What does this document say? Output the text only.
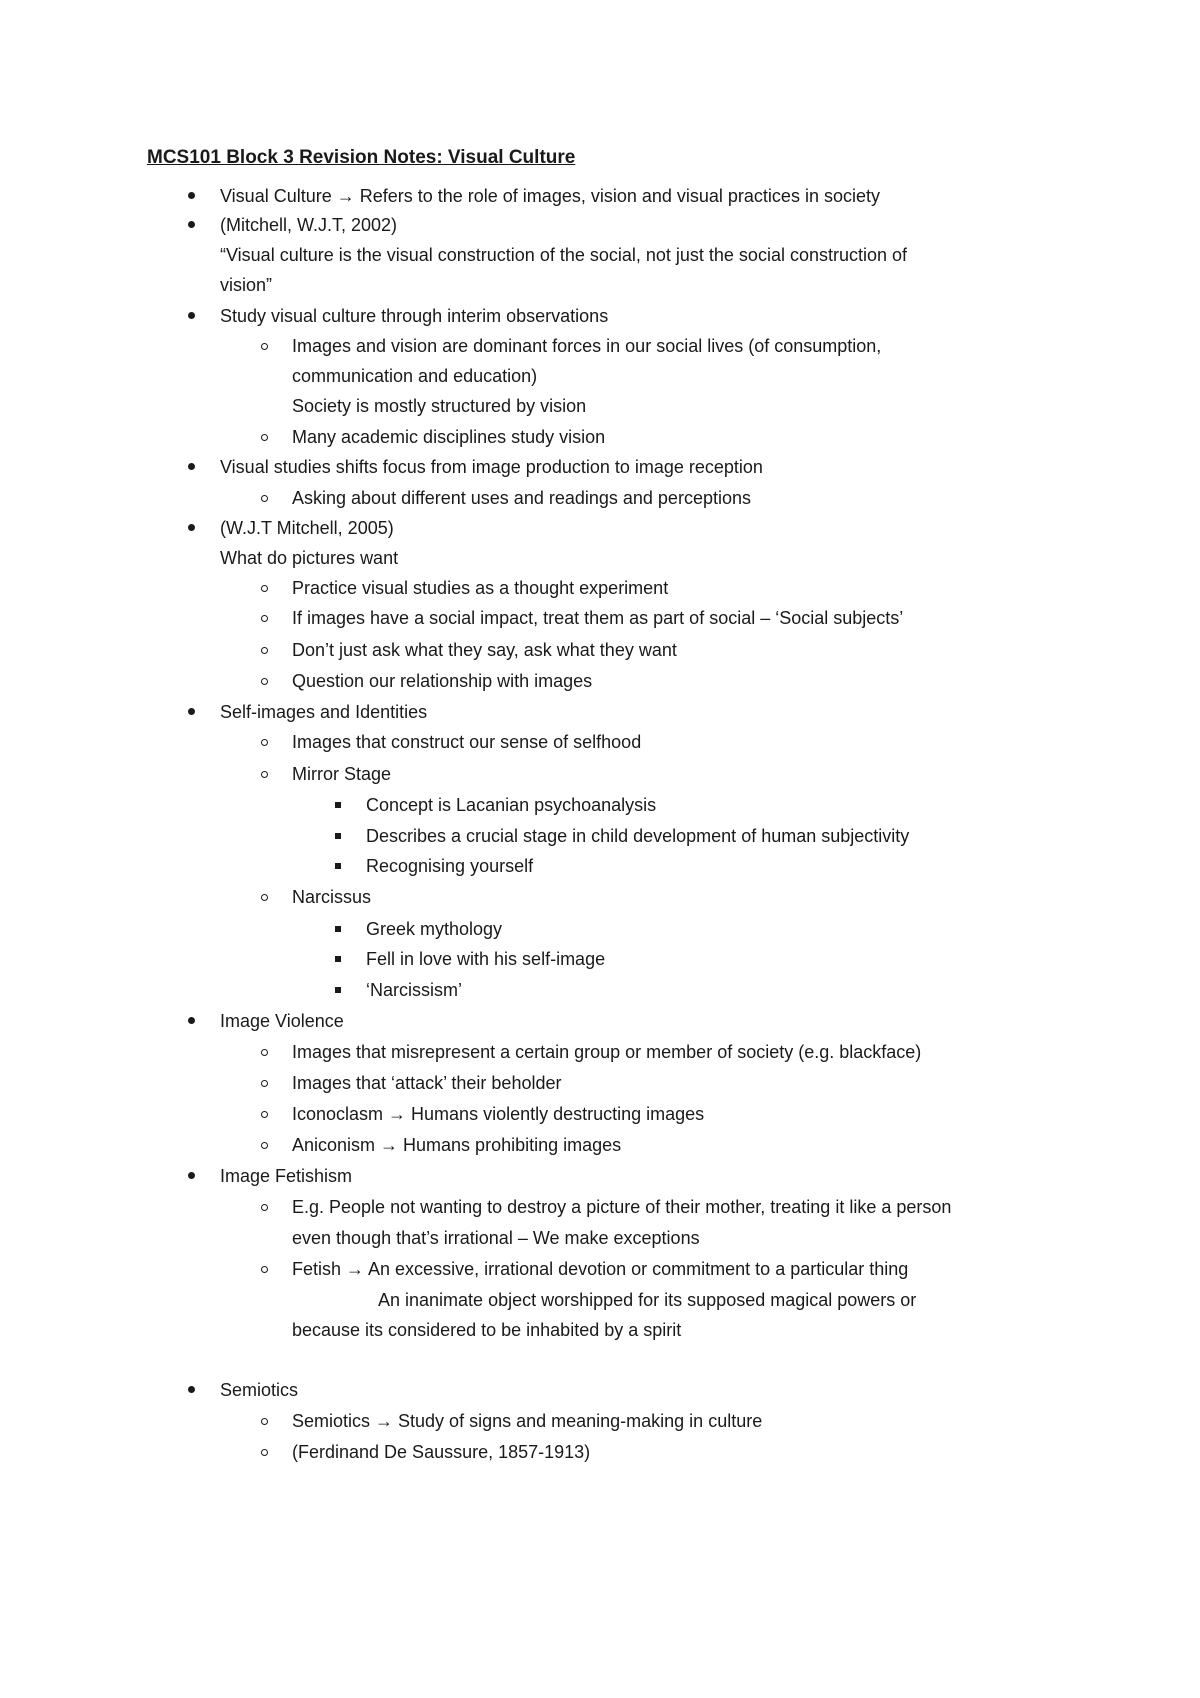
MCS101 Block 3 Revision Notes: Visual Culture
Visual Culture → Refers to the role of images, vision and visual practices in society
(Mitchell, W.J.T, 2002)
“Visual culture is the visual construction of the social, not just the social construction of
vision”
Study visual culture through interim observations
Images and vision are dominant forces in our social lives (of consumption,
communication and education)
Society is mostly structured by vision
Many academic disciplines study vision
Visual studies shifts focus from image production to image reception
Asking about different uses and readings and perceptions
(W.J.T Mitchell, 2005)
What do pictures want
Practice visual studies as a thought experiment
If images have a social impact, treat them as part of social – ‘Social subjects’
Don’t just ask what they say, ask what they want
Question our relationship with images
Self-images and Identities
Images that construct our sense of selfhood
Mirror Stage
Concept is Lacanian psychoanalysis
Describes a crucial stage in child development of human subjectivity
Recognising yourself
Narcissus
Greek mythology
Fell in love with his self-image
‘Narcissism’
Image Violence
Images that misrepresent a certain group or member of society (e.g. blackface)
Images that ‘attack’ their beholder
Iconoclasm → Humans violently destructing images
Aniconism → Humans prohibiting images
Image Fetishism
E.g. People not wanting to destroy a picture of their mother, treating it like a person
even though that’s irrational – We make exceptions
Fetish → An excessive, irrational devotion or commitment to a particular thing
An inanimate object worshipped for its supposed magical powers or
because its considered to be inhabited by a spirit
Semiotics
Semiotics → Study of signs and meaning-making in culture
(Ferdinand De Saussure, 1857-1913)
